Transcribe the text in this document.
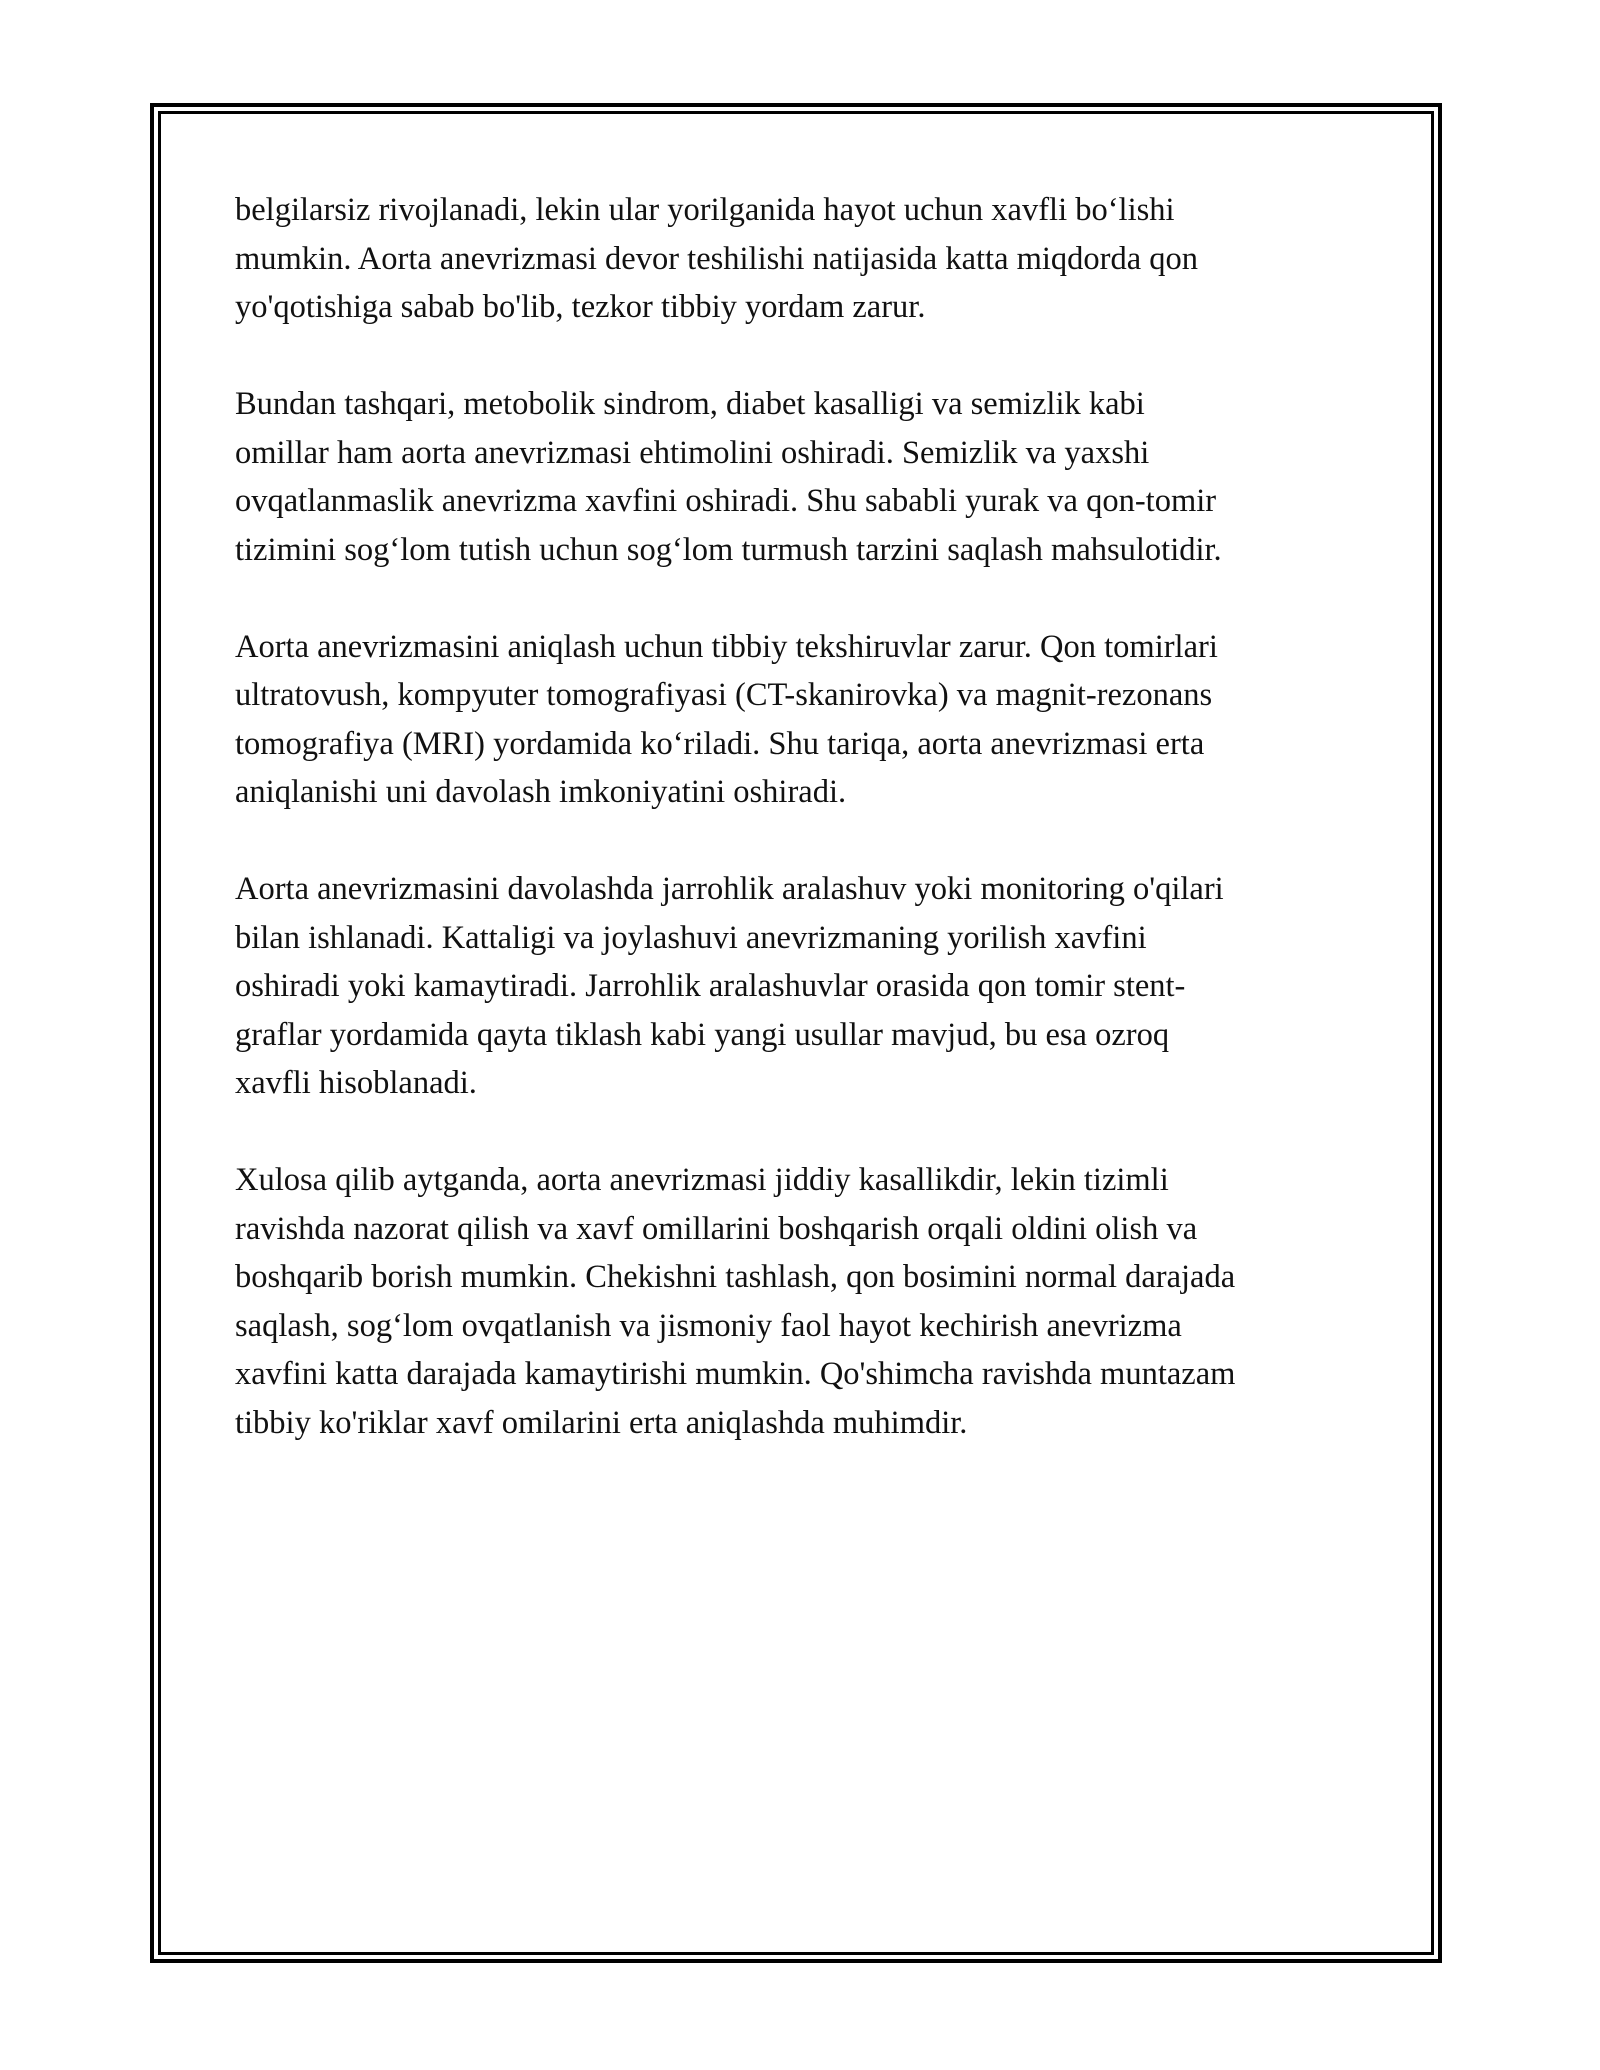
belgilarsiz rivojlanadi, lekin ular yorilganida hayot uchun xavfli bo‘lishi
mumkin. Aorta anevrizmasi devor teshilishi natijasida katta miqdorda qon
yo'qotishiga sabab bo'lib, tezkor tibbiy yordam zarur.

Bundan tashqari, metobolik sindrom, diabet kasalligi va semizlik kabi
omillar ham aorta anevrizmasi ehtimolini oshiradi. Semizlik va yaxshi
ovqatlanmaslik anevrizma xavfini oshiradi. Shu sababli yurak va qon-tomir
tizimini sog‘lom tutish uchun sog‘lom turmush tarzini saqlash mahsulotidir.

Aorta anevrizmasini aniqlash uchun tibbiy tekshiruvlar zarur. Qon tomirlari
ultratovush, kompyuter tomografiyasi (CT-skanirovka) va magnit-rezonans
tomografiya (MRI) yordamida ko‘riladi. Shu tariqa, aorta anevrizmasi erta
aniqlanishi uni davolash imkoniyatini oshiradi.

Aorta anevrizmasini davolashda jarrohlik aralashuv yoki monitoring o'qilari
bilan ishlanadi. Kattaligi va joylashuvi anevrizmaning yorilish xavfini
oshiradi yoki kamaytiradi. Jarrohlik aralashuvlar orasida qon tomir stent-
graflar yordamida qayta tiklash kabi yangi usullar mavjud, bu esa ozroq
xavfli hisoblanadi.

Xulosa qilib aytganda, aorta anevrizmasi jiddiy kasallikdir, lekin tizimli
ravishda nazorat qilish va xavf omillarini boshqarish orqali oldini olish va
boshqarib borish mumkin. Chekishni tashlash, qon bosimini normal darajada
saqlash, sog‘lom ovqatlanish va jismoniy faol hayot kechirish anevrizma
xavfini katta darajada kamaytirishi mumkin. Qo'shimcha ravishda muntazam
tibbiy ko'riklar xavf omilarini erta aniqlashda muhimdir.
